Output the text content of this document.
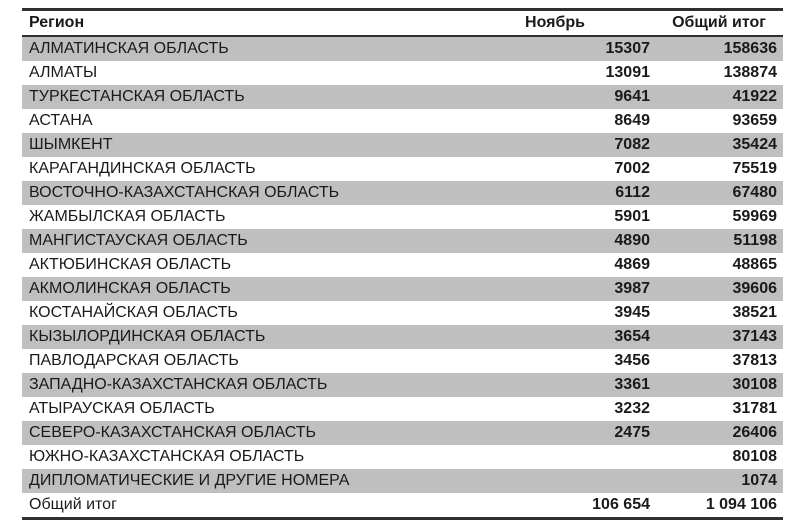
Регион	Ноябрь	Общий итог
АЛМАТИНСКАЯ ОБЛАСТЬ	15307	158636
АЛМАТЫ	13091	138874
ТУРКЕСТАНСКАЯ ОБЛАСТЬ	9641	41922
АСТАНА	8649	93659
ШЫМКЕНТ	7082	35424
КАРАГАНДИНСКАЯ ОБЛАСТЬ	7002	75519
ВОСТОЧНО-КАЗАХСТАНСКАЯ ОБЛАСТЬ	6112	67480
ЖАМБЫЛСКАЯ ОБЛАСТЬ	5901	59969
МАНГИСТАУСКАЯ ОБЛАСТЬ	4890	51198
АКТЮБИНСКАЯ ОБЛАСТЬ	4869	48865
АКМОЛИНСКАЯ ОБЛАСТЬ	3987	39606
КОСТАНАЙСКАЯ ОБЛАСТЬ	3945	38521
КЫЗЫЛОРДИНСКАЯ ОБЛАСТЬ	3654	37143
ПАВЛОДАРСКАЯ ОБЛАСТЬ	3456	37813
ЗАПАДНО-КАЗАХСТАНСКАЯ ОБЛАСТЬ	3361	30108
АТЫРАУСКАЯ ОБЛАСТЬ	3232	31781
СЕВЕРО-КАЗАХСТАНСКАЯ ОБЛАСТЬ	2475	26406
ЮЖНО-КАЗАХСТАНСКАЯ ОБЛАСТЬ		80108
ДИПЛОМАТИЧЕСКИЕ И ДРУГИЕ НОМЕРА		1074
Общий итог	106 654	1 094 106
